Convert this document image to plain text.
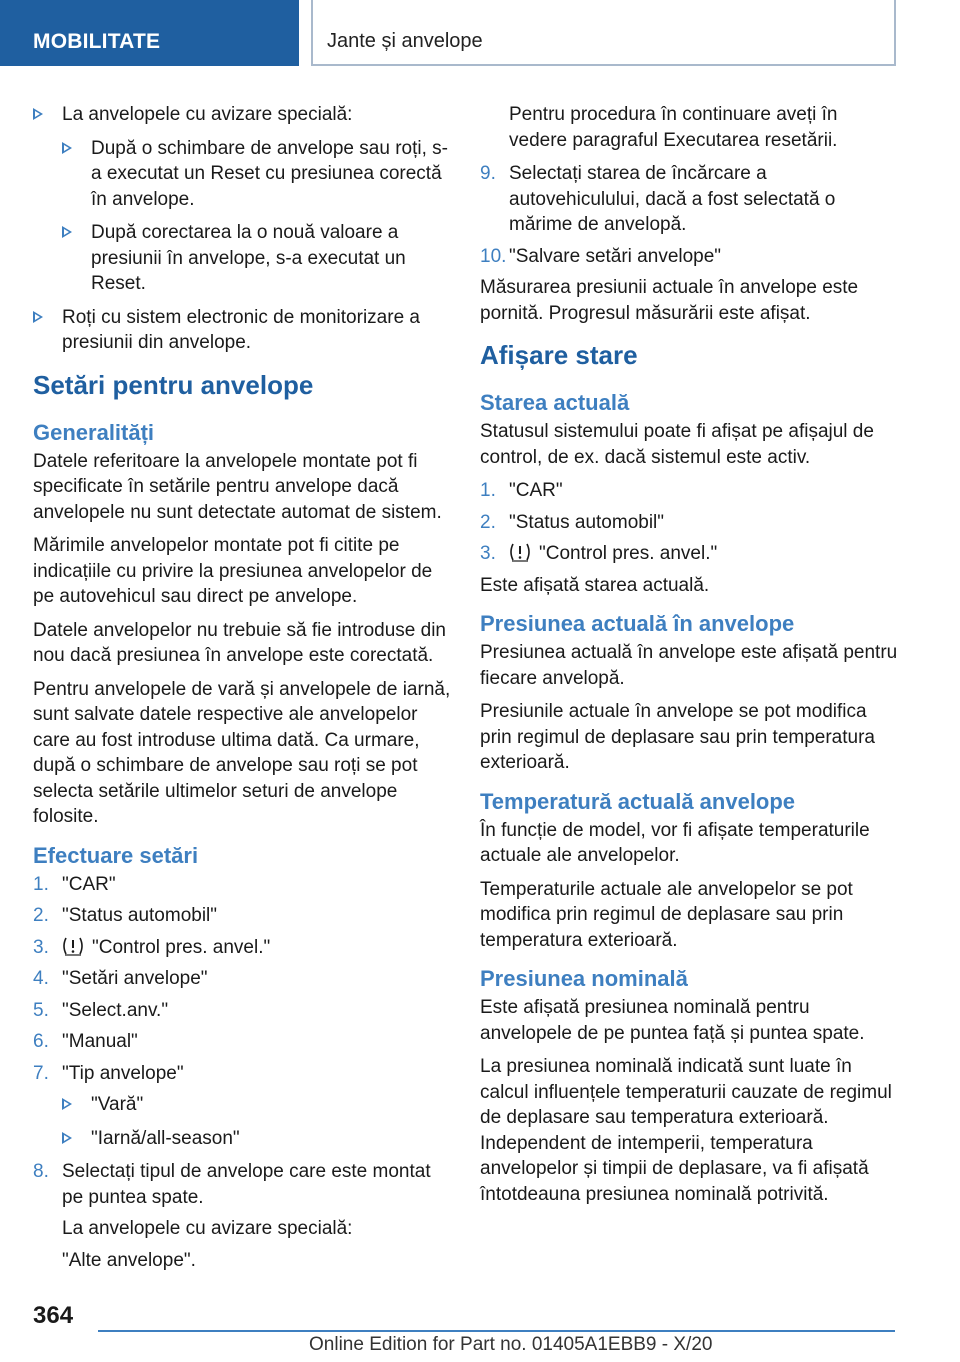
MOBILITATE	Jante și anvelope
La anvelopele cu avizare specială:
După o schimbare de anvelope sau roți, s-a executat un Reset cu presiunea corectă în anvelope.
După corectarea la o nouă valoare a presiunii în anvelope, s-a executat un Reset.
Roți cu sistem electronic de monitorizare a presiunii din anvelope.
Setări pentru anvelope
Generalități

Datele referitoare la anvelopele montate pot fi specificate în setările pentru anvelope dacă anvelopele nu sunt detectate automat de sistem.

Mărimile anvelopelor montate pot fi citite pe indicațiile cu privire la presiunea anvelopelor de pe autovehicul sau direct pe anvelope.

Datele anvelopelor nu trebuie să fie introduse din nou dacă presiunea în anvelope este corectată.

Pentru anvelopele de vară și anvelopele de iarnă, sunt salvate datele respective ale anvelopelor care au fost introduse ultima dată. Ca urmare, după o schimbare de anvelope sau roți se pot selecta setările ultimelor seturi de anvelope folosite.

Efectuare setări
1. "CAR"
2. "Status automobil"
3. "Control pres. anvel."
4. "Setări anvelope"
5. "Select.anv."
6. "Manual"
7. "Tip anvelope"
"Vară"
"Iarnă/all-season"
8. Selectați tipul de anvelope care este montat pe puntea spate.
La anvelopele cu avizare specială:
"Alte anvelope".

Pentru procedura în continuare aveți în vedere paragraful Executarea resetării.

9. Selectați starea de încărcare a autovehiculului, dacă a fost selectată o mărime de anvelopă.
10. "Salvare setări anvelope"

Măsurarea presiunii actuale în anvelope este pornită. Progresul măsurării este afișat.

Afișare stare
Starea actuală

Statusul sistemului poate fi afișat pe afișajul de control, de ex. dacă sistemul este activ.

1. "CAR"
2. "Status automobil"
3. "Control pres. anvel."

Este afișată starea actuală.

Presiunea actuală în anvelope

Presiunea actuală în anvelope este afișată pentru fiecare anvelopă.

Presiunile actuale în anvelope se pot modifica prin regimul de deplasare sau prin temperatura exterioară.

Temperatură actuală anvelope

În funcție de model, vor fi afișate temperaturile actuale ale anvelopelor.

Temperaturile actuale ale anvelopelor se pot modifica prin regimul de deplasare sau prin temperatura exterioară.

Presiunea nominală

Este afișată presiunea nominală pentru anvelopele de pe puntea față și puntea spate.

La presiunea nominală indicată sunt luate în calcul influențele temperaturii cauzate de regimul de deplasare sau temperatura exterioară. Independent de intemperii, temperatura anvelopelor și timpii de deplasare, va fi afișată întotdeauna presiunea nominală potrivită.

364
Online Edition for Part no. 01405A1EBB9 - X/20
